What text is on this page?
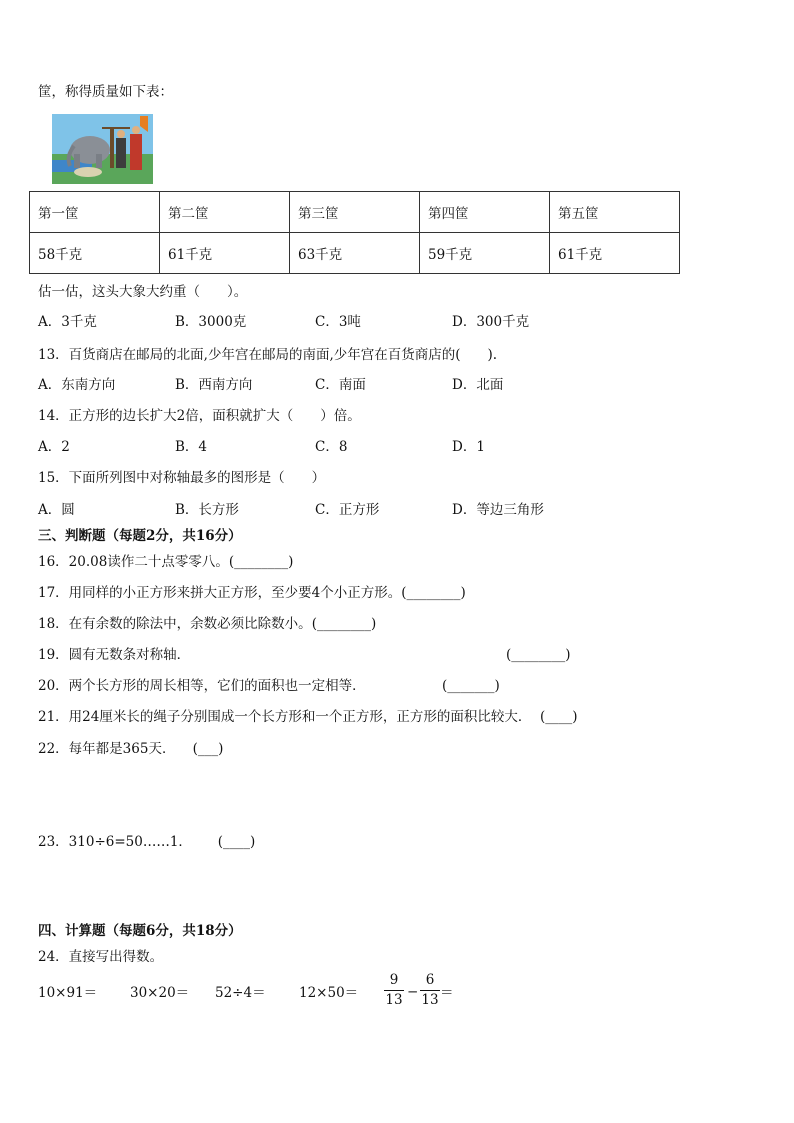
筐，称得质量如下表：
第一筐	第二筐	第三筐	第四筐	第五筐
58千克	61千克	63千克	59千克	61千克
估一估，这头大象大约重（　　）。
A．3千克	B．3000克	C．3吨	D．300千克
13．百货商店在邮局的北面,少年宫在邮局的南面,少年宫在百货商店的(　　).
A．东南方向	B．西南方向	C．南面	D．北面
14．正方形的边长扩大2倍，面积就扩大（　　）倍。
A．2	B．4	C．8	D．1
15．下面所列图中对称轴最多的图形是（　　）
A．圆	B．长方形	C．正方形	D．等边三角形
三、判断题（每题2分，共16分）
16．20.08读作二十点零零八。(________)
17．用同样的小正方形来拼大正方形，至少要4个小正方形。(________)
18．在有余数的除法中，余数必须比除数小。(________)
19．圆有无数条对称轴．	(________)
20．两个长方形的周长相等，它们的面积也一定相等．	(_______)
21．用24厘米长的绳子分别围成一个长方形和一个正方形，正方形的面积比较大． (____)
22．每年都是365天． (___)
23．310÷6=50……1． (____)
四、计算题（每题6分，共18分）
24．直接写出得数。
10×91＝ 30×20＝ 52÷4＝ 12×50＝
9
13 −
6
13 ＝
